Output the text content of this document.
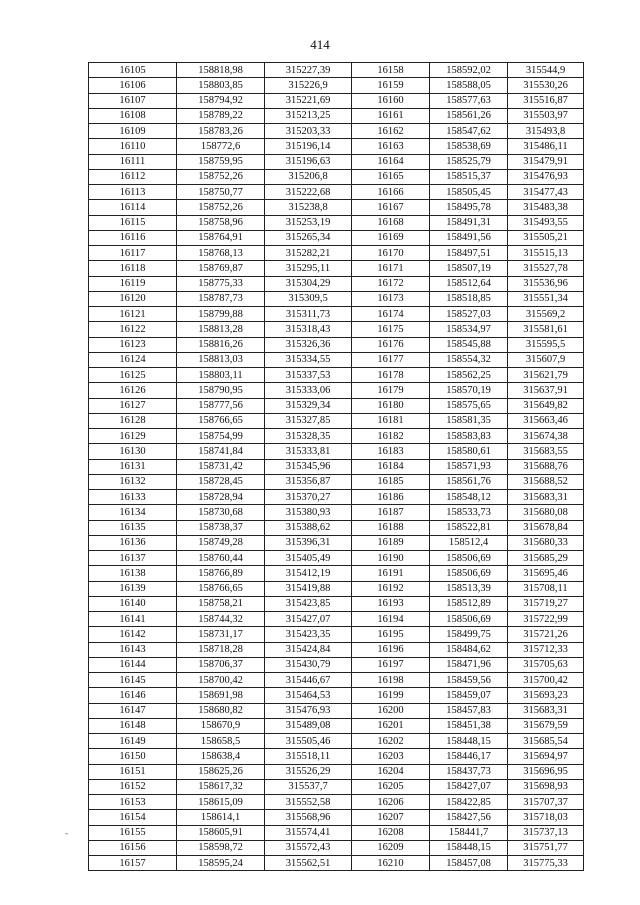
414
16105	158818,98	315227,39	16158	158592,02	315544,9
16106	158803,85	315226,9	16159	158588,05	315530,26
16107	158794,92	315221,69	16160	158577,63	315516,87
16108	158789,22	315213,25	16161	158561,26	315503,97
16109	158783,26	315203,33	16162	158547,62	315493,8
16110	158772,6	315196,14	16163	158538,69	315486,11
16111	158759,95	315196,63	16164	158525,79	315479,91
16112	158752,26	315206,8	16165	158515,37	315476,93
16113	158750,77	315222,68	16166	158505,45	315477,43
16114	158752,26	315238,8	16167	158495,78	315483,38
16115	158758,96	315253,19	16168	158491,31	315493,55
16116	158764,91	315265,34	16169	158491,56	315505,21
16117	158768,13	315282,21	16170	158497,51	315515,13
16118	158769,87	315295,11	16171	158507,19	315527,78
16119	158775,33	315304,29	16172	158512,64	315536,96
16120	158787,73	315309,5	16173	158518,85	315551,34
16121	158799,88	315311,73	16174	158527,03	315569,2
16122	158813,28	315318,43	16175	158534,97	315581,61
16123	158816,26	315326,36	16176	158545,88	315595,5
16124	158813,03	315334,55	16177	158554,32	315607,9
16125	158803,11	315337,53	16178	158562,25	315621,79
16126	158790,95	315333,06	16179	158570,19	315637,91
16127	158777,56	315329,34	16180	158575,65	315649,82
16128	158766,65	315327,85	16181	158581,35	315663,46
16129	158754,99	315328,35	16182	158583,83	315674,38
16130	158741,84	315333,81	16183	158580,61	315683,55
16131	158731,42	315345,96	16184	158571,93	315688,76
16132	158728,45	315356,87	16185	158561,76	315688,52
16133	158728,94	315370,27	16186	158548,12	315683,31
16134	158730,68	315380,93	16187	158533,73	315680,08
16135	158738,37	315388,62	16188	158522,81	315678,84
16136	158749,28	315396,31	16189	158512,4	315680,33
16137	158760,44	315405,49	16190	158506,69	315685,29
16138	158766,89	315412,19	16191	158506,69	315695,46
16139	158766,65	315419,88	16192	158513,39	315708,11
16140	158758,21	315423,85	16193	158512,89	315719,27
16141	158744,32	315427,07	16194	158506,69	315722,99
16142	158731,17	315423,35	16195	158499,75	315721,26
16143	158718,28	315424,84	16196	158484,62	315712,33
16144	158706,37	315430,79	16197	158471,96	315705,63
16145	158700,42	315446,67	16198	158459,56	315700,42
16146	158691,98	315464,53	16199	158459,07	315693,23
16147	158680,82	315476,93	16200	158457,83	315683,31
16148	158670,9	315489,08	16201	158451,38	315679,59
16149	158658,5	315505,46	16202	158448,15	315685,54
16150	158638,4	315518,11	16203	158446,17	315694,97
16151	158625,26	315526,29	16204	158437,73	315696,95
16152	158617,32	315537,7	16205	158427,07	315698,93
16153	158615,09	315552,58	16206	158422,85	315707,37
16154	158614,1	315568,96	16207	158427,56	315718,03
16155	158605,91	315574,41	16208	158441,7	315737,13
16156	158598,72	315572,43	16209	158448,15	315751,77
16157	158595,24	315562,51	16210	158457,08	315775,33
-
